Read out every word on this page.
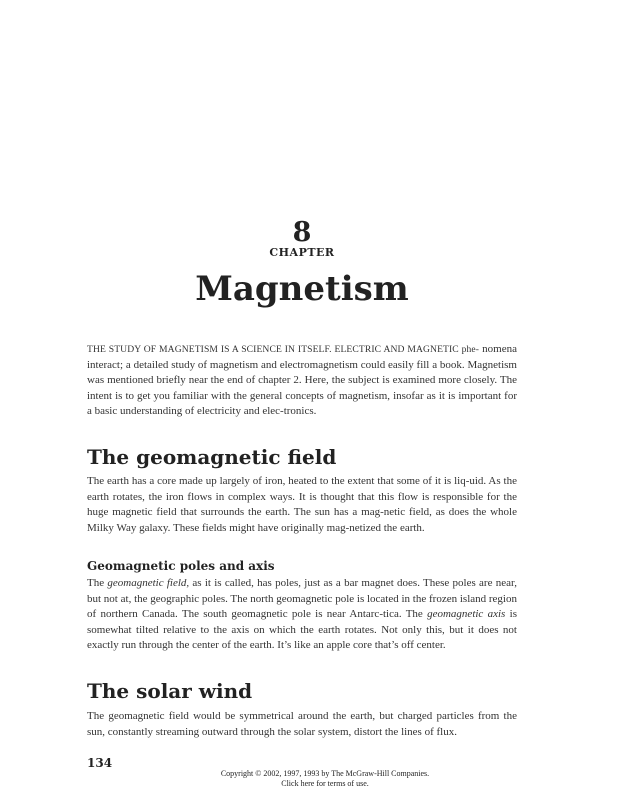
8
CHAPTER
Magnetism
THE STUDY OF MAGNETISM IS A SCIENCE IN ITSELF. ELECTRIC AND MAGNETIC phe- nomena interact; a detailed study of magnetism and electromagnetism could easily fill a book. Magnetism was mentioned briefly near the end of chapter 2. Here, the subject is examined more closely. The intent is to get you familiar with the general concepts of magnetism, insofar as it is important for a basic understanding of electricity and elec-tronics.
The geomagnetic field
The earth has a core made up largely of iron, heated to the extent that some of it is liq-uid. As the earth rotates, the iron flows in complex ways. It is thought that this flow is responsible for the huge magnetic field that surrounds the earth. The sun has a mag-netic field, as does the whole Milky Way galaxy. These fields might have originally mag-netized the earth.
Geomagnetic poles and axis
The geomagnetic field, as it is called, has poles, just as a bar magnet does. These poles are near, but not at, the geographic poles. The north geomagnetic pole is located in the frozen island region of northern Canada. The south geomagnetic pole is near Antarc-tica. The geomagnetic axis is somewhat tilted relative to the axis on which the earth rotates. Not only this, but it does not exactly run through the center of the earth. It’s like an apple core that’s off center.
The solar wind
The geomagnetic field would be symmetrical around the earth, but charged particles from the sun, constantly streaming outward through the solar system, distort the lines of flux.
134
Copyright © 2002, 1997, 1993 by The McGraw-Hill Companies.
Click here for terms of use.
